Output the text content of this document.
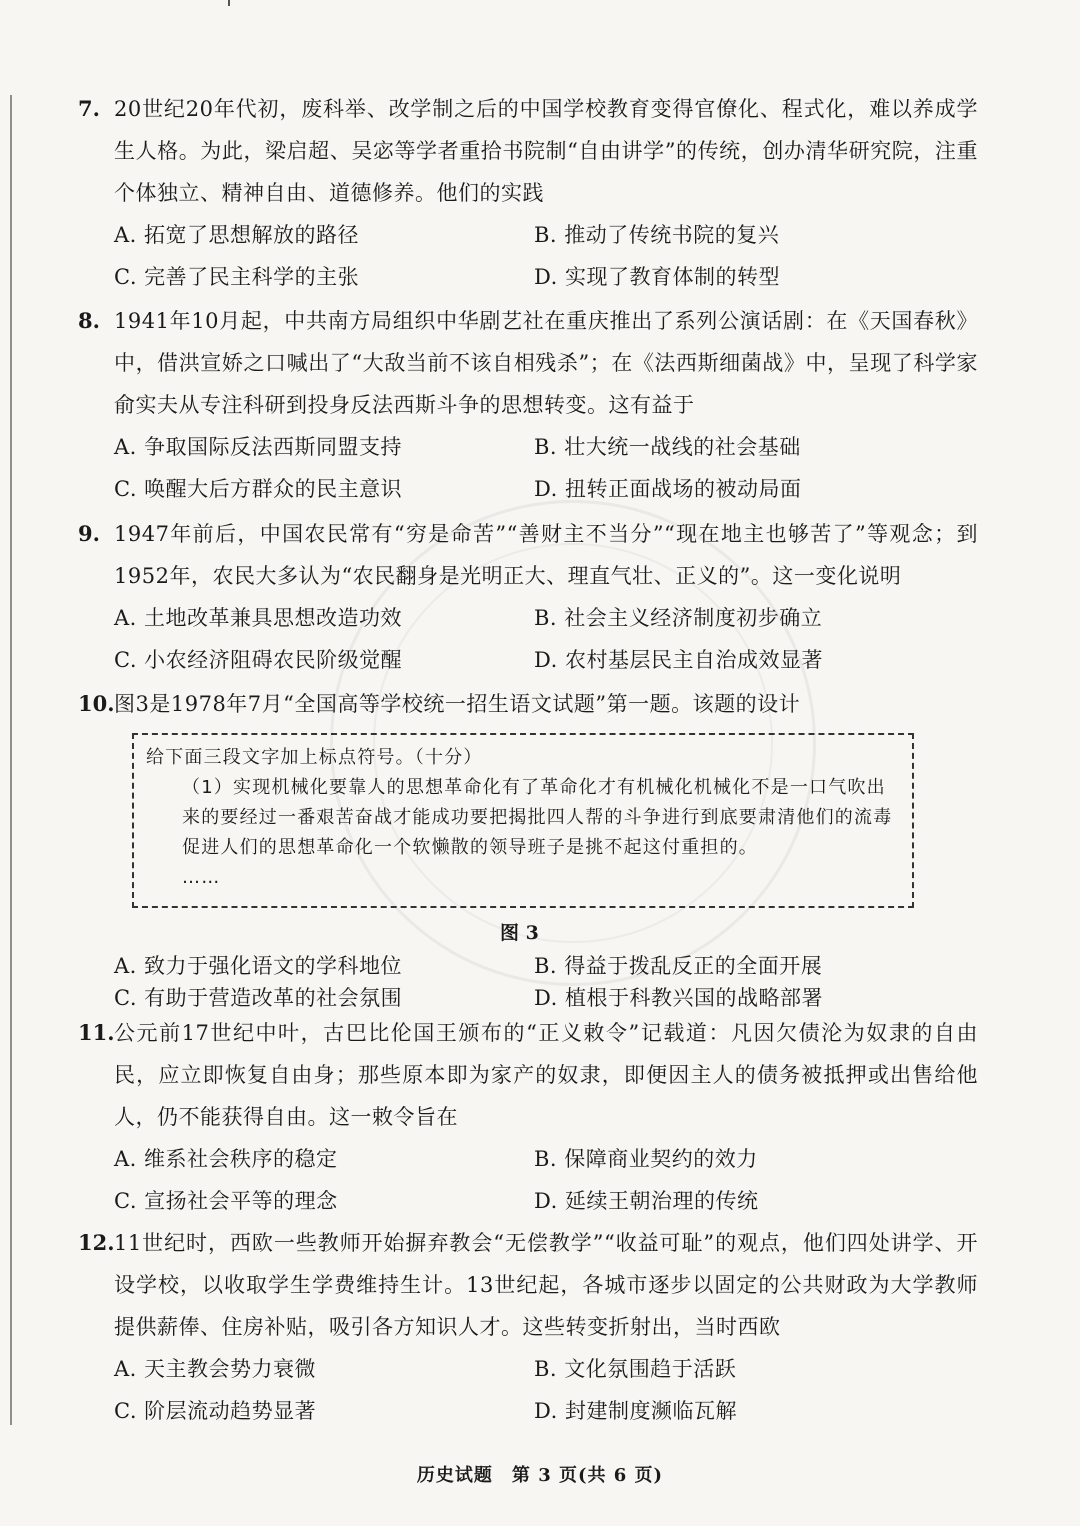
7. 20世纪20年代初，废科举、改学制之后的中国学校教育变得官僚化、程式化，难以养成学生人格。为此，梁启超、吴宓等学者重拾书院制“自由讲学”的传统，创办清华研究院，注重个体独立、精神自由、道德修养。他们的实践
A. 拓宽了思想解放的路径	B. 推动了传统书院的复兴
C. 完善了民主科学的主张	D. 实现了教育体制的转型
8. 1941年10月起，中共南方局组织中华剧艺社在重庆推出了系列公演话剧：在《天国春秋》中，借洪宣娇之口喊出了“大敌当前不该自相残杀”；在《法西斯细菌战》中，呈现了科学家俞实夫从专注科研到投身反法西斯斗争的思想转变。这有益于
A. 争取国际反法西斯同盟支持	B. 壮大统一战线的社会基础
C. 唤醒大后方群众的民主意识	D. 扭转正面战场的被动局面
9. 1947年前后，中国农民常有“穷是命苦”“善财主不当分”“现在地主也够苦了”等观念；到1952年，农民大多认为“农民翻身是光明正大、理直气壮、正义的”。这一变化说明
A. 土地改革兼具思想改造功效	B. 社会主义经济制度初步确立
C. 小农经济阻碍农民阶级觉醒	D. 农村基层民主自治成效显著
10. 图3是1978年7月“全国高等学校统一招生语文试题”第一题。该题的设计
给下面三段文字加上标点符号。（十分）
（1）实现机械化要靠人的思想革命化有了革命化才有机械化机械化不是一口气吹出来的要经过一番艰苦奋战才能成功要把揭批四人帮的斗争进行到底要肃清他们的流毒促进人们的思想革命化一个软懒散的领导班子是挑不起这付重担的。
……
图 3
A. 致力于强化语文的学科地位	B. 得益于拨乱反正的全面开展
C. 有助于营造改革的社会氛围	D. 植根于科教兴国的战略部署
11. 公元前17世纪中叶，古巴比伦国王颁布的“正义敕令”记载道：凡因欠债沦为奴隶的自由民，应立即恢复自由身；那些原本即为家产的奴隶，即便因主人的债务被抵押或出售给他人，仍不能获得自由。这一敕令旨在
A. 维系社会秩序的稳定	B. 保障商业契约的效力
C. 宣扬社会平等的理念	D. 延续王朝治理的传统
12. 11世纪时，西欧一些教师开始摒弃教会“无偿教学”“收益可耻”的观点，他们四处讲学、开设学校，以收取学生学费维持生计。13世纪起，各城市逐步以固定的公共财政为大学教师提供薪俸、住房补贴，吸引各方知识人才。这些转变折射出，当时西欧
A. 天主教会势力衰微	B. 文化氛围趋于活跃
C. 阶层流动趋势显著	D. 封建制度濒临瓦解
历史试题　第 3 页(共 6 页)
